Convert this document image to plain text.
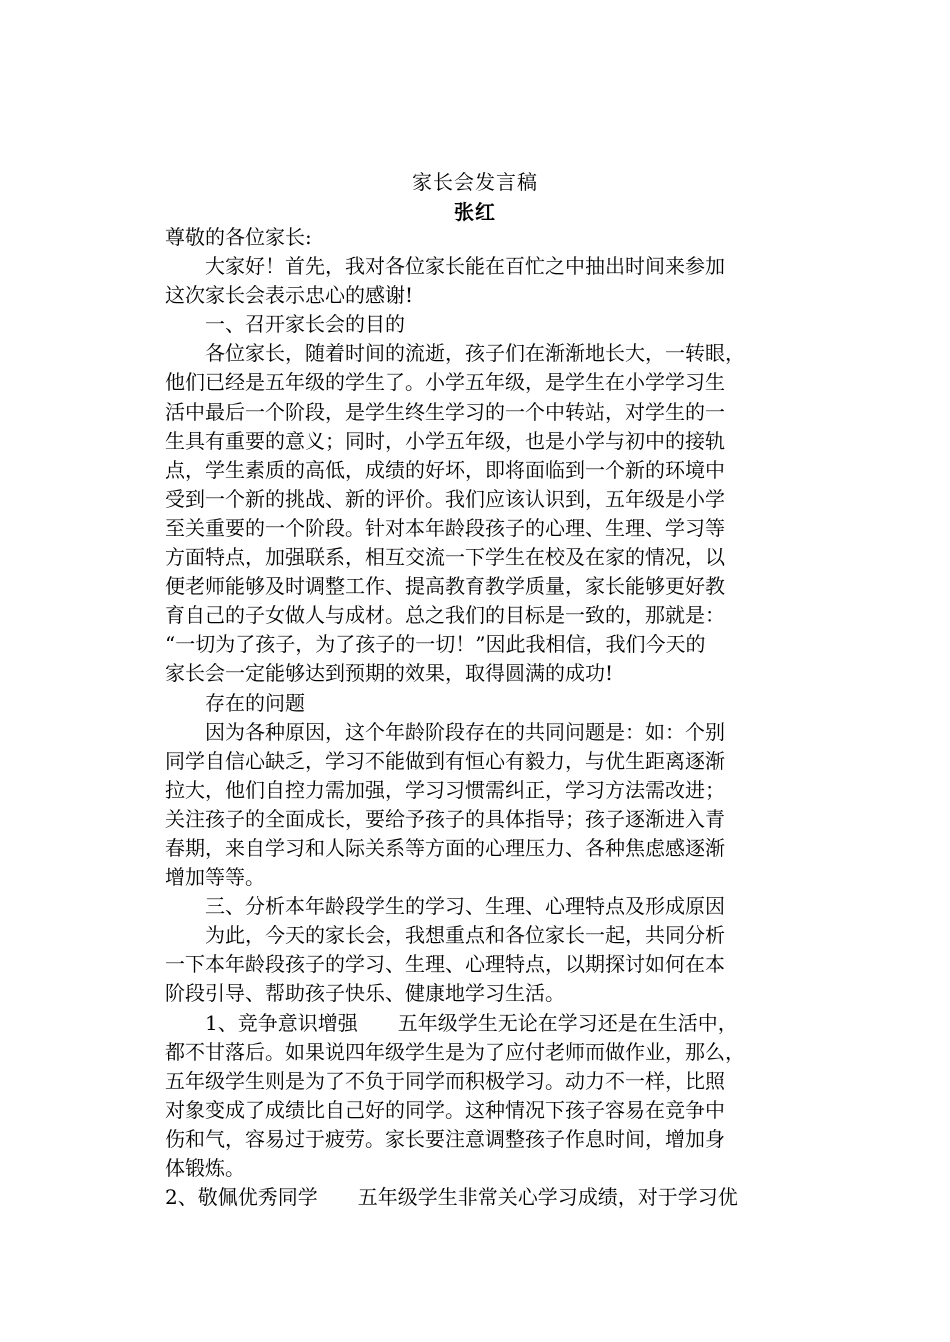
家长会发言稿
张红
尊敬的各位家长:
大家好！首先，我对各位家长能在百忙之中抽出时间来参加
这次家长会表示忠心的感谢!
一、召开家长会的目的
各位家长，随着时间的流逝，孩子们在渐渐地长大，一转眼，
他们已经是五年级的学生了。小学五年级，是学生在小学学习生
活中最后一个阶段，是学生终生学习的一个中转站，对学生的一
生具有重要的意义；同时，小学五年级，也是小学与初中的接轨
点，学生素质的高低，成绩的好坏，即将面临到一个新的环境中
受到一个新的挑战、新的评价。我们应该认识到，五年级是小学
至关重要的一个阶段。针对本年龄段孩子的心理、生理、学习等
方面特点，加强联系，相互交流一下学生在校及在家的情况，以
便老师能够及时调整工作、提高教育教学质量，家长能够更好教
育自己的子女做人与成材。总之我们的目标是一致的，那就是：
“一切为了孩子，为了孩子的一切！”因此我相信，我们今天的
家长会一定能够达到预期的效果，取得圆满的成功!
存在的问题
因为各种原因，这个年龄阶段存在的共同问题是：如：个别
同学自信心缺乏，学习不能做到有恒心有毅力，与优生距离逐渐
拉大，他们自控力需加强，学习习惯需纠正，学习方法需改进；
关注孩子的全面成长，要给予孩子的具体指导；孩子逐渐进入青
春期，来自学习和人际关系等方面的心理压力、各种焦虑感逐渐
增加等等。
三、分析本年龄段学生的学习、生理、心理特点及形成原因
为此，今天的家长会，我想重点和各位家长一起，共同分析
一下本年龄段孩子的学习、生理、心理特点，以期探讨如何在本
阶段引导、帮助孩子快乐、健康地学习生活。
1、竞争意识增强 五年级学生无论在学习还是在生活中，
都不甘落后。如果说四年级学生是为了应付老师而做作业，那么，
五年级学生则是为了不负于同学而积极学习。动力不一样，比照
对象变成了成绩比自己好的同学。这种情况下孩子容易在竞争中
伤和气，容易过于疲劳。家长要注意调整孩子作息时间，增加身
体锻炼。
2、敬佩优秀同学 五年级学生非常关心学习成绩，对于学习优
